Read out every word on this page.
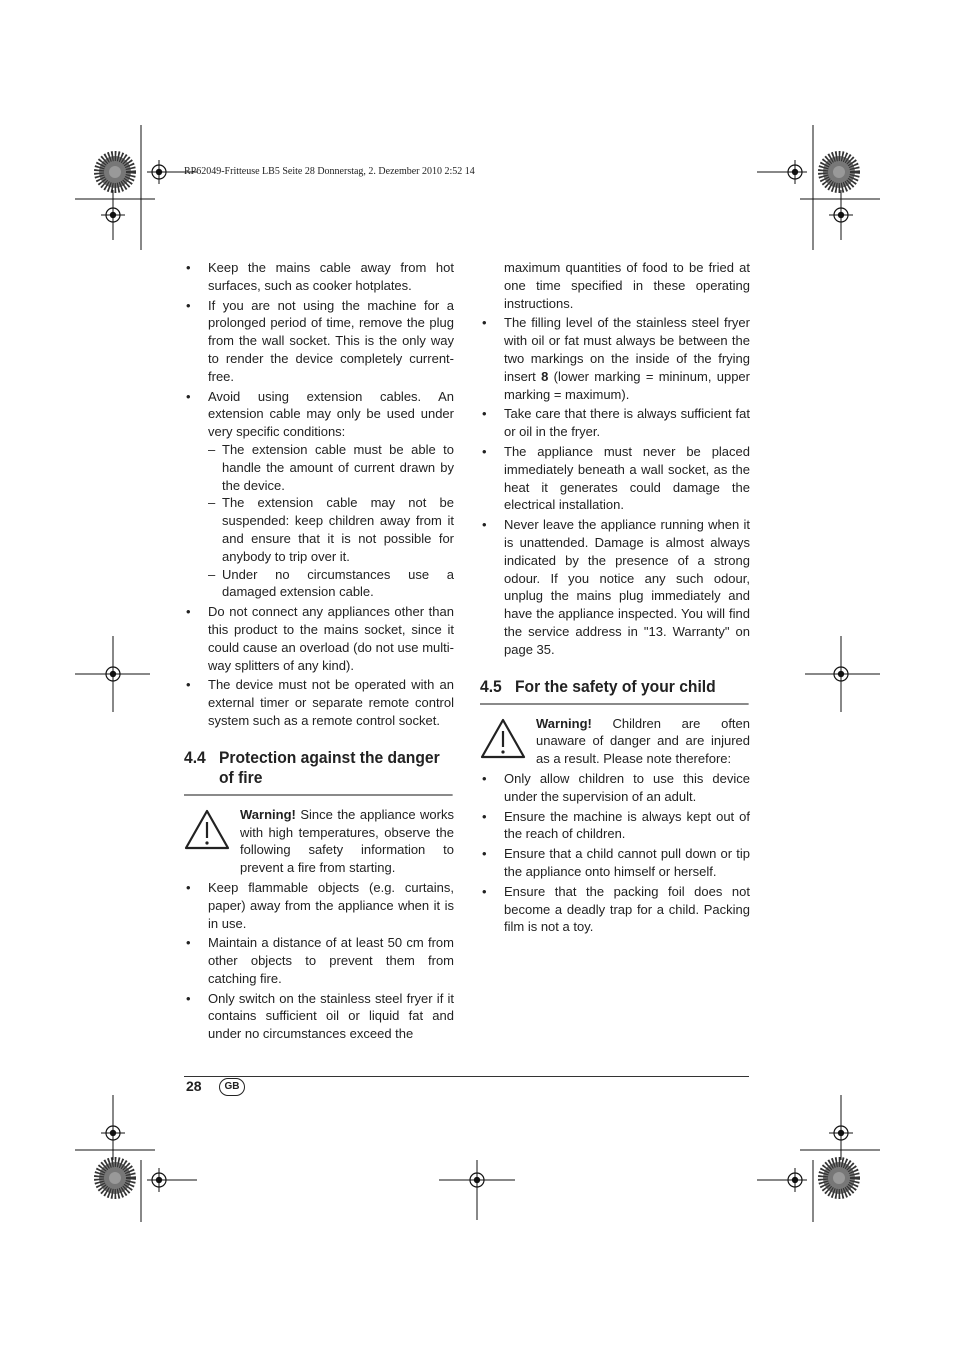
RP62049-Fritteuse LB5 Seite 28 Donnerstag, 2. Dezember 2010 2:52 14
• Keep the mains cable away from hot surfaces, such as cooker hotplates.
• If you are not using the machine for a prolonged period of time, remove the plug from the wall socket. This is the only way to render the device completely current-free.
• Avoid using extension cables. An extension cable may only be used under very specific conditions:
– The extension cable must be able to handle the amount of current drawn by the device.
– The extension cable may not be suspended: keep children away from it and ensure that it is not possible for anybody to trip over it.
– Under no circumstances use a damaged extension cable.
• Do not connect any appliances other than this product to the mains socket, since it could cause an overload (do not use multi-way splitters of any kind).
• The device must not be operated with an external timer or separate remote control system such as a remote control socket.
4.4 Protection against the danger of fire
Warning! Since the appliance works with high temperatures, observe the following safety information to prevent a fire from starting.
• Keep flammable objects (e.g. curtains, paper) away from the appliance when it is in use.
• Maintain a distance of at least 50 cm from other objects to prevent them from catching fire.
• Only switch on the stainless steel fryer if it contains sufficient oil or liquid fat and under no circumstances exceed the
maximum quantities of food to be fried at one time specified in these operating instructions.
• The filling level of the stainless steel fryer with oil or fat must always be between the two markings on the inside of the frying insert 8 (lower marking = mininum, upper marking = maximum).
• Take care that there is always sufficient fat or oil in the fryer.
• The appliance must never be placed immediately beneath a wall socket, as the heat it generates could damage the electrical installation.
• Never leave the appliance running when it is unattended. Damage is almost always indicated by the presence of a strong odour. If you notice any such odour, unplug the mains plug immediately and have the appliance inspected. You will find the service address in "13. Warranty" on page 35.
4.5 For the safety of your child
Warning! Children are often unaware of danger and are injured as a result. Please note therefore:
• Only allow children to use this device under the supervision of an adult.
• Ensure the machine is always kept out of the reach of children.
• Ensure that a child cannot pull down or tip the appliance onto himself or herself.
• Ensure that the packing foil does not become a deadly trap for a child. Packing film is not a toy.
28	GB
